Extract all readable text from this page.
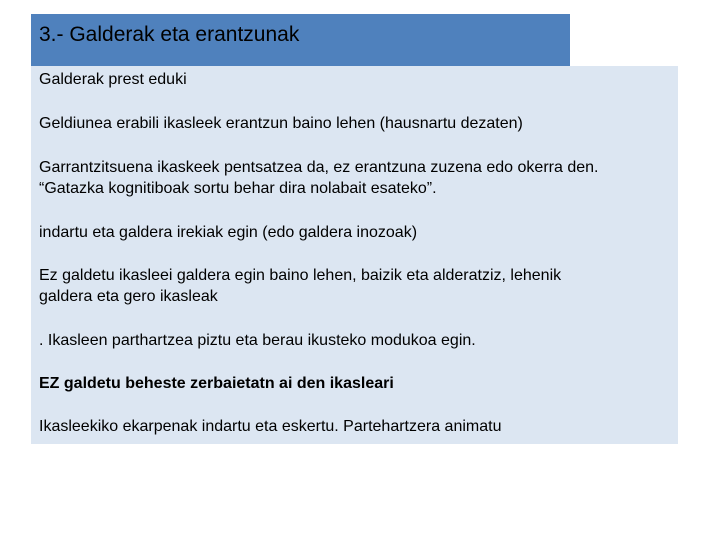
3.- Galderak eta erantzunak
Galderak prest eduki
Geldiunea erabili ikasleek erantzun baino lehen (hausnartu dezaten)
Garrantzitsuena ikaskeek pentsatzea da, ez erantzuna zuzena edo okerra den.
“Gatazka kognitiboak sortu behar dira nolabait esateko”.
indartu eta galdera irekiak egin (edo galdera inozoak)
Ez galdetu ikasleei galdera egin baino lehen, baizik eta alderatziz, lehenik
galdera eta gero ikasleak
. Ikasleen parthartzea piztu eta berau ikusteko modukoa egin.
EZ galdetu beheste zerbaietatn ai den ikasleari
Ikasleekiko ekarpenak indartu eta eskertu. Partehartzera animatu
